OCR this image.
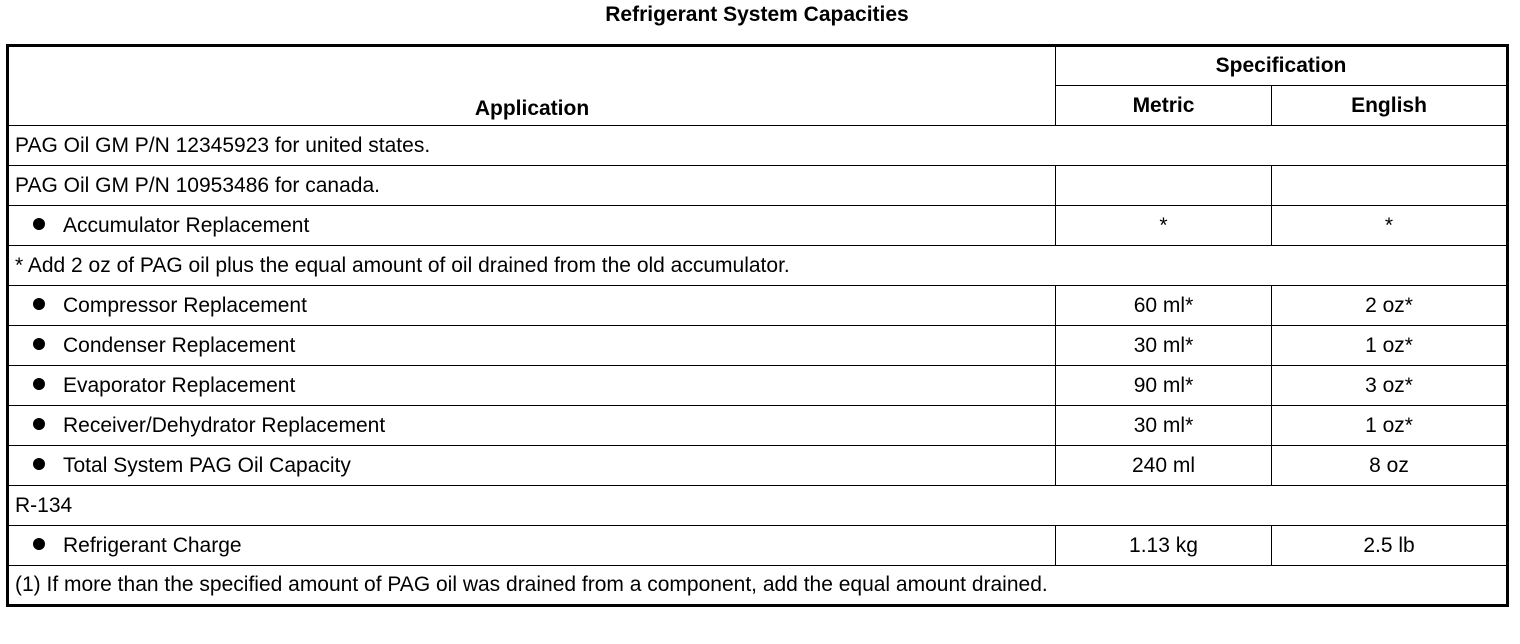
Refrigerant System Capacities
Application	Specification	
	Metric	English
PAG Oil GM P/N 12345923 for united states.		
PAG Oil GM P/N 10953486 for canada.		
Accumulator Replacement	*	*
* Add 2 oz of PAG oil plus the equal amount of oil drained from the old accumulator.		
Compressor Replacement	60 ml*	2 oz*
Condenser Replacement	30 ml*	1 oz*
Evaporator Replacement	90 ml*	3 oz*
Receiver/Dehydrator Replacement	30 ml*	1 oz*
Total System PAG Oil Capacity	240 ml	8 oz
R-134		
Refrigerant Charge	1.13 kg	2.5 lb
(1) If more than the specified amount of PAG oil was drained from a component, add the equal amount drained.		
